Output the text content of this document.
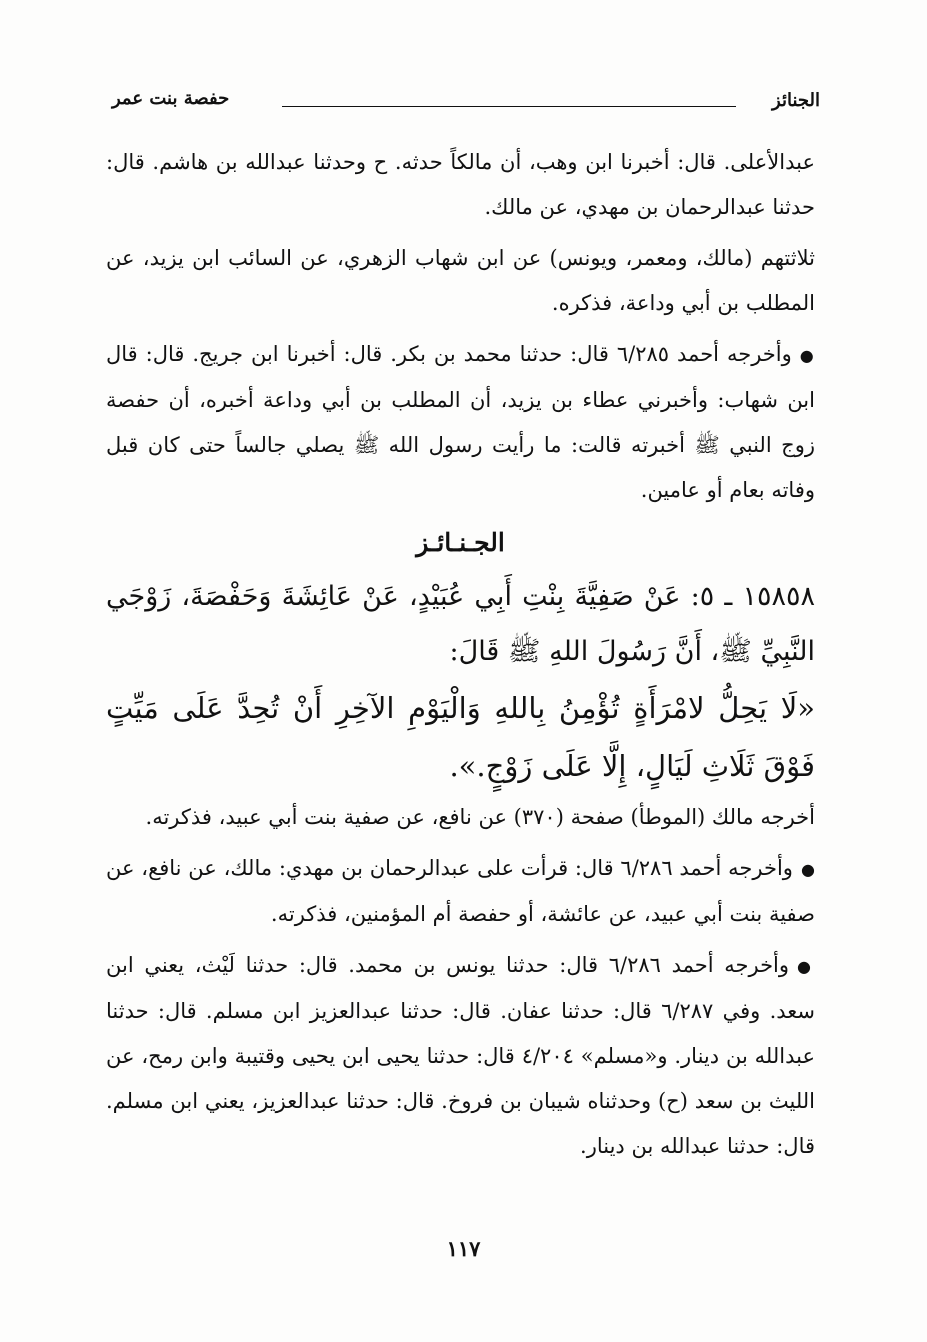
الجنائز
حفصة بنت عمر

عبدالأعلى. قال: أخبرنا ابن وهب، أن مالكاً حدثه. ح وحدثنا عبدالله بن هاشم. قال: حدثنا عبدالرحمان بن مهدي، عن مالك.

ثلاثتهم (مالك، ومعمر، ويونس) عن ابن شهاب الزهري، عن السائب ابن يزيد، عن المطلب بن أبي وداعة، فذكره.

● وأخرجه أحمد ٦/٢٨٥ قال: حدثنا محمد بن بكر. قال: أخبرنا ابن جريج. قال: قال ابن شهاب: وأخبرني عطاء بن يزيد، أن المطلب بن أبي وداعة أخبره، أن حفصة زوج النبي ﷺ أخبرته قالت: ما رأيت رسول الله ﷺ يصلي جالساً حتى كان قبل وفاته بعام أو عامين.

الجـنـائـز

١٥٨٥٨ ـ ٥: عَنْ صَفِيَّةَ بِنْتِ أَبِي عُبَيْدٍ، عَنْ عَائِشَةَ وَحَفْصَةَ، زَوْجَي النَّبِيِّ ﷺ، أَنَّ رَسُولَ اللهِ ﷺ قَالَ:

«لَا يَحِلُّ لامْرَأَةٍ تُؤْمِنُ بِاللهِ وَالْيَوْمِ الآخِرِ أَنْ تُحِدَّ عَلَى مَيِّتٍ فَوْقَ ثَلَاثِ لَيَالٍ، إِلَّا عَلَى زَوْجٍ.».

أخرجه مالك (الموطأ) صفحة (٣٧٠) عن نافع، عن صفية بنت أبي عبيد، فذكرته.

● وأخرجه أحمد ٦/٢٨٦ قال: قرأت على عبدالرحمان بن مهدي: مالك، عن نافع، عن صفية بنت أبي عبيد، عن عائشة، أو حفصة أم المؤمنين، فذكرته.

● وأخرجه أحمد ٦/٢٨٦ قال: حدثنا يونس بن محمد. قال: حدثنا لَيْث، يعني ابن سعد. وفي ٦/٢٨٧ قال: حدثنا عفان. قال: حدثنا عبدالعزيز ابن مسلم. قال: حدثنا عبدالله بن دينار. و«مسلم» ٤/٢٠٤ قال: حدثنا يحيى ابن يحيى وقتيبة وابن رمح، عن الليث بن سعد (ح) وحدثناه شيبان بن فروخ. قال: حدثنا عبدالعزيز، يعني ابن مسلم. قال: حدثنا عبدالله بن دينار.

١١٧
